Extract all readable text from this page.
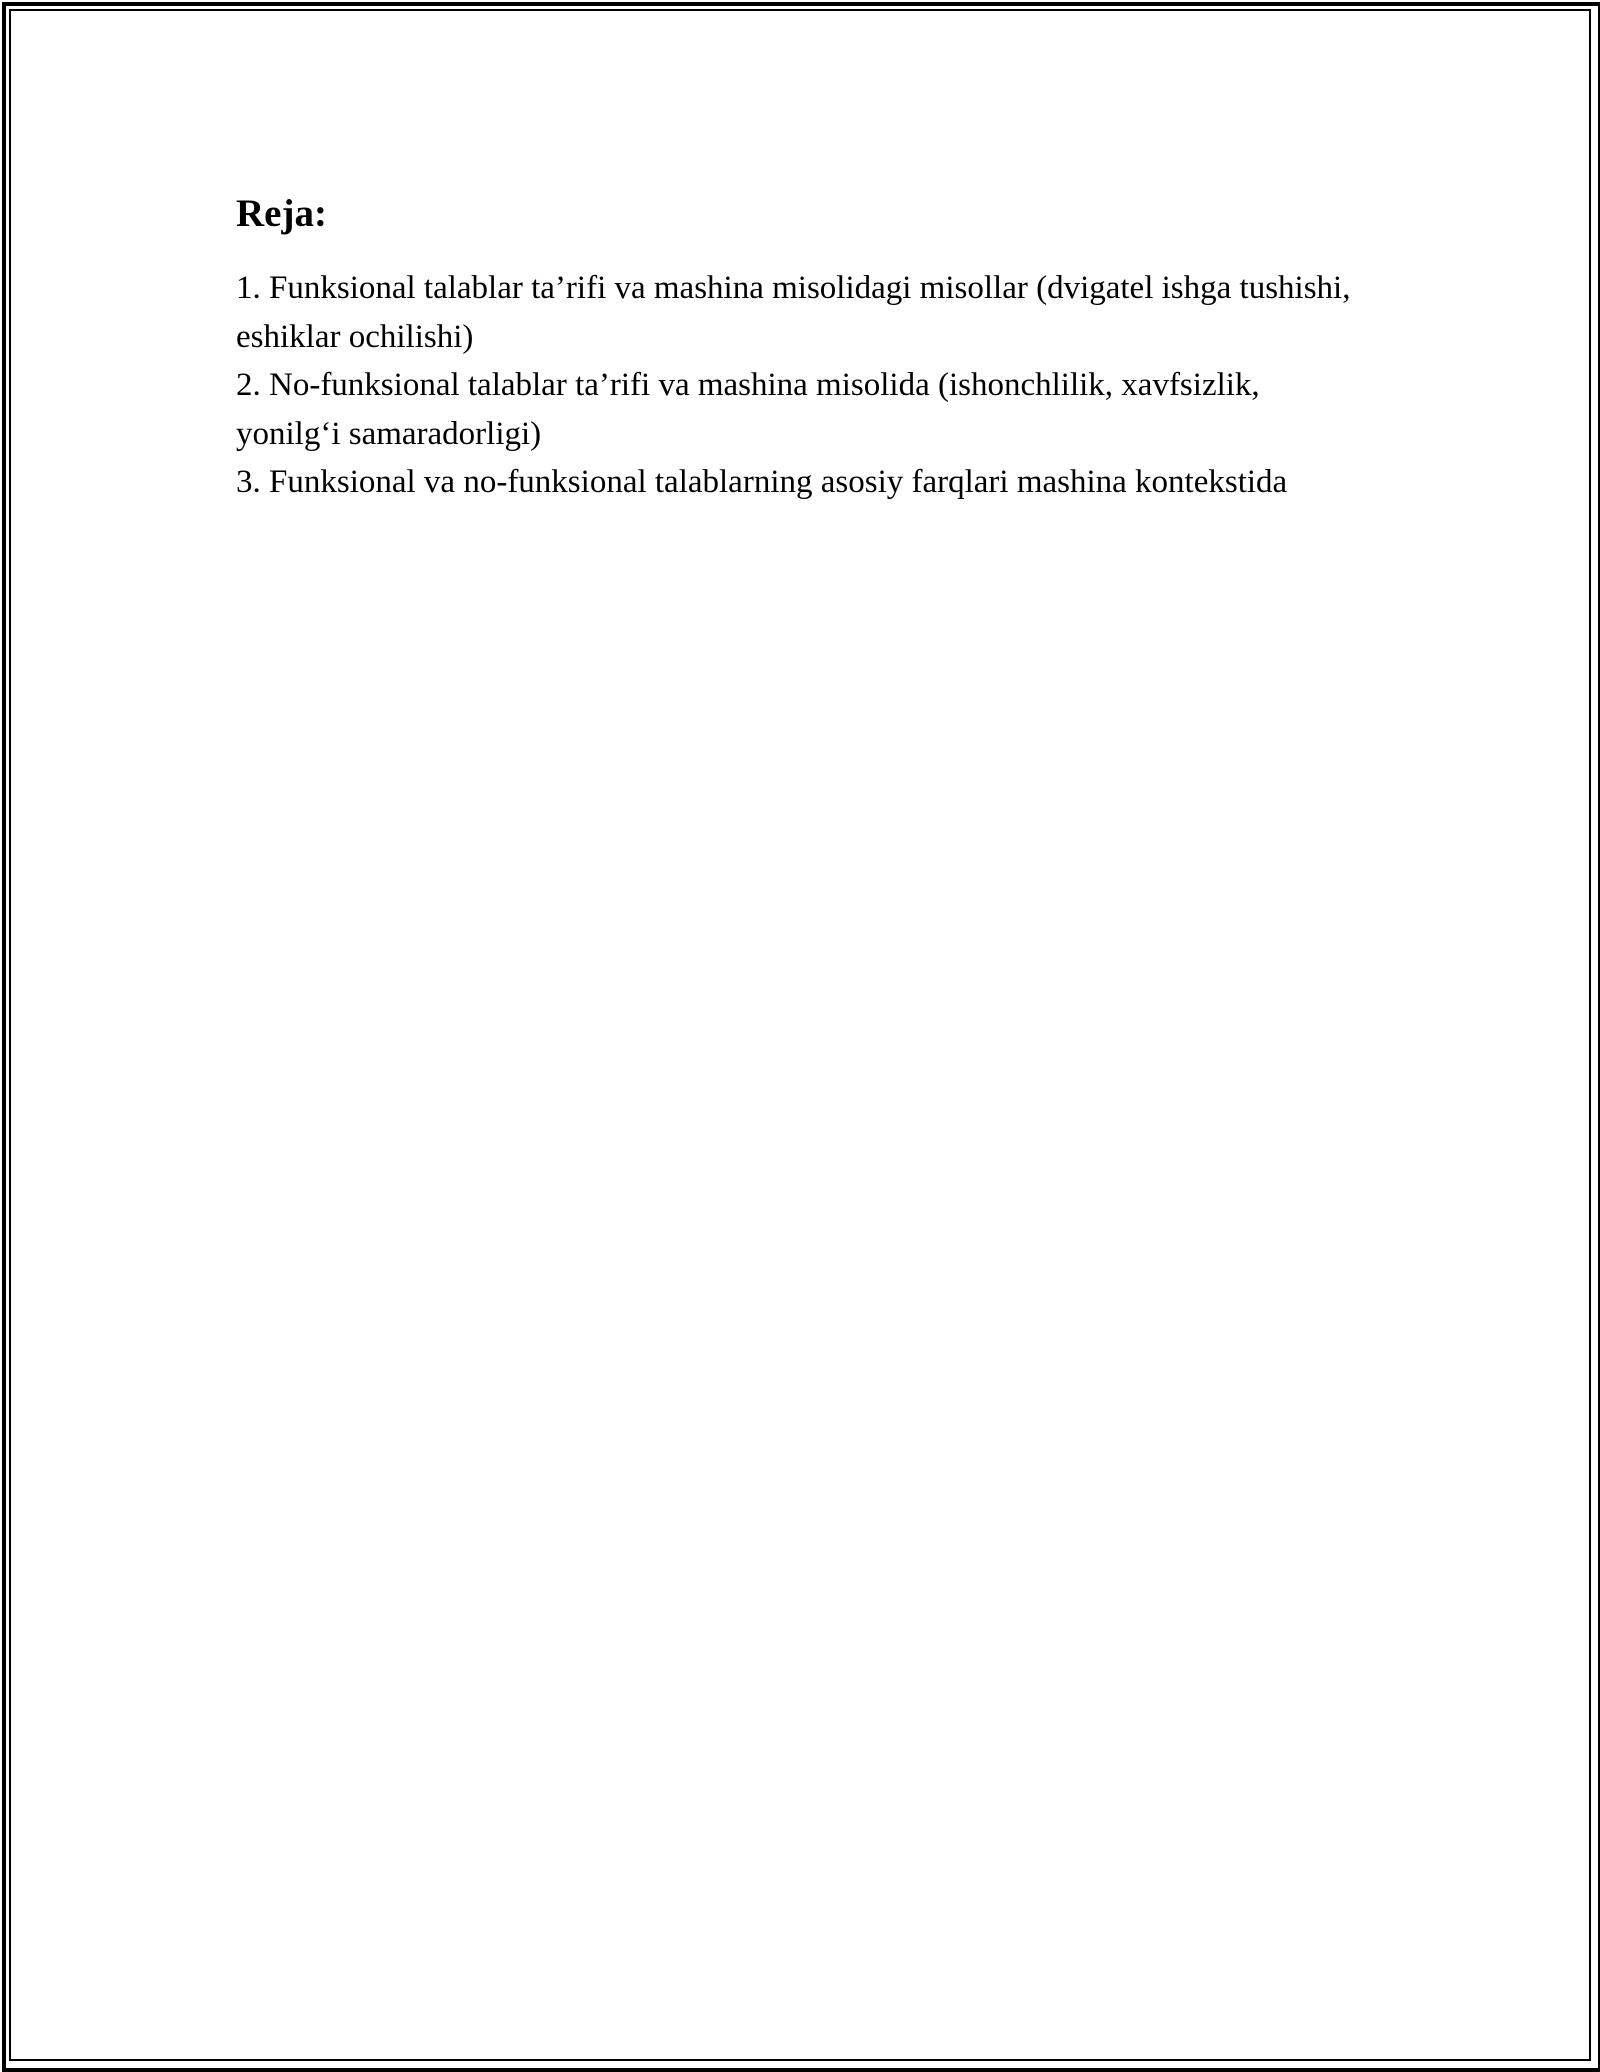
Reja:
1. Funksional talablar ta’rifi va mashina misolidagi misollar (dvigatel ishga tushishi, eshiklar ochilishi)
2. No-funksional talablar ta’rifi va mashina misolida (ishonchlilik, xavfsizlik, yonilg‘i samaradorligi)
3. Funksional va no-funksional talablarning asosiy farqlari mashina kontekstida
